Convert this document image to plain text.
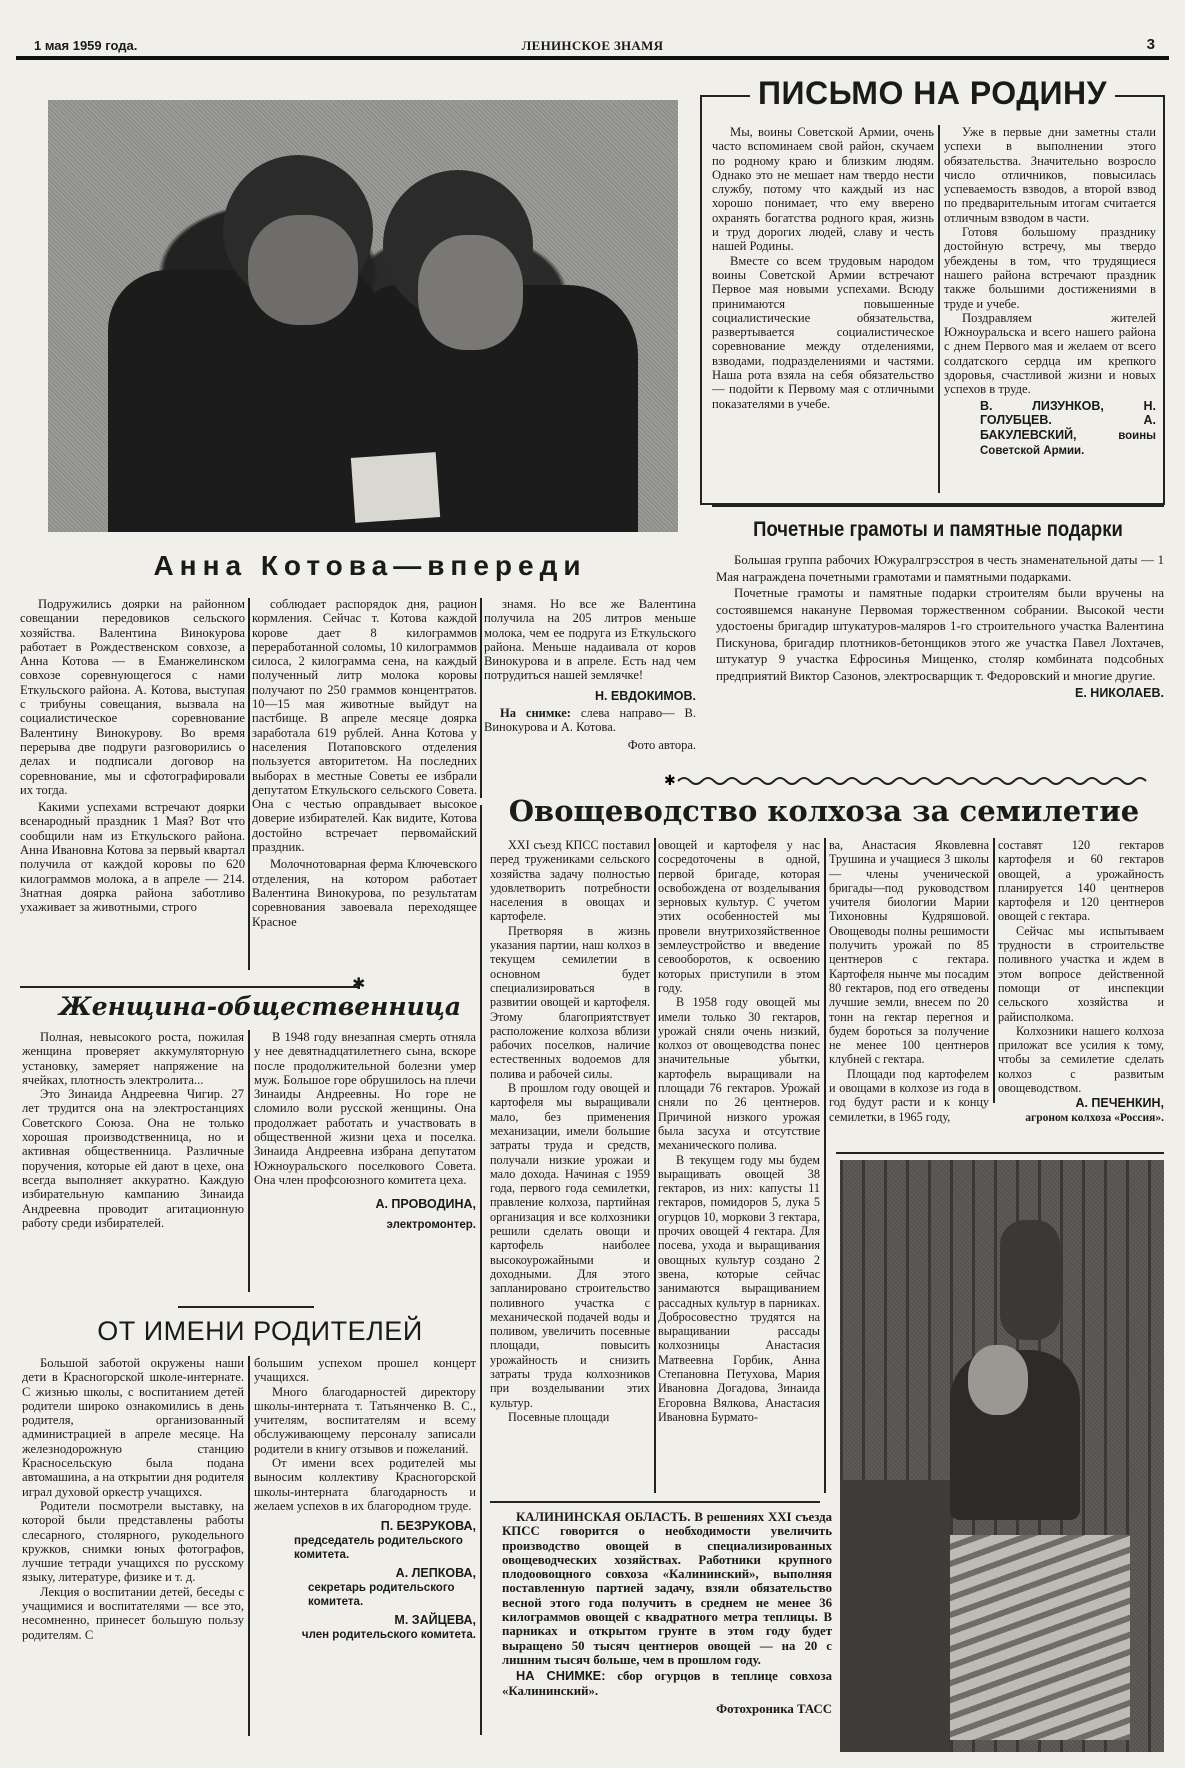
1 мая 1959 года.	ЛЕНИНСКОЕ ЗНАМЯ	3
Анна Котова—впереди

Подружились доярки на районном совещании передовиков сельского хозяйства. Валентина Винокурова работает в Рождественском совхозе, а Анна Котова — в Еманжелинском совхозе соревнующегося с нами Еткульского района. А. Котова, выступая с трибуны совещания, вызвала на социалистическое соревнование Валентину Винокурову. Во время перерыва две подруги разговорились о делах и подписали договор на соревнование, мы и сфотографировали их тогда.

Какими успехами встречают доярки всенародный праздник 1 Мая? Вот что сообщили нам из Еткульского района. Анна Ивановна Котова за первый квартал получила от каждой коровы по 620 килограммов молока, а в апреле — 214. Знатная доярка района заботливо ухаживает за животными, строго

соблюдает распорядок дня, рацион кормления. Сейчас т. Котова каждой корове дает 8 килограммов переработанной соломы, 10 килограммов силоса, 2 килограмма сена, на каждый полученный литр молока коровы получают по 250 граммов концентратов. 10—15 мая животные выйдут на пастбище. В апреле месяце доярка заработала 619 рублей. Анна Котова у населения Потаповского отделения пользуется авторитетом. На последних выборах в местные Советы ее избрали депутатом Еткульского сельского Совета. Она с честью оправдывает высокое доверие избирателей. Как видите, Котова достойно встречает первомайский праздник.

Молочнотоварная ферма Ключевского отделения, на котором работает Валентина Винокурова, по результатам соревнования завоевала переходящее Красное

знамя. Но все же Валентина получила на 205 литров меньше молока, чем ее подруга из Еткульского района. Меньше надаивала от коров Винокурова и в апреле. Есть над чем потрудиться нашей землячке!

Н. ЕВДОКИМОВ.
На снимке: слева направо— В. Винокурова и А. Котова.
Фото автора.
ПИСЬМО НА РОДИНУ

Мы, воины Советской Армии, очень часто вспоминаем свой район, скучаем по родному краю и близким людям. Однако это не мешает нам твердо нести службу, потому что каждый из нас хорошо понимает, что ему вверено охранять богатства родного края, жизнь и труд дорогих людей, славу и честь нашей Родины.

Вместе со всем трудовым народом воины Советской Армии встречают Первое мая новыми успехами. Всюду принимаются повышенные социалистические обязательства, развертывается социалистическое соревнование между отделениями, взводами, подразделениями и частями. Наша рота взяла на себя обязательство — подойти к Первому мая с отличными показателями в учебе.

Уже в первые дни заметны стали успехи в выполнении этого обязательства. Значительно возросло число отличников, повысилась успеваемость взводов, а второй взвод по предварительным итогам считается отличным взводом в части.

Готовя большому празднику достойную встречу, мы твердо убеждены в том, что трудящиеся нашего района встречают праздник также большими достижениями в труде и учебе.

Поздравляем жителей Южноуральска и всего нашего района с днем Первого мая и желаем от всего солдатского сердца им крепкого здоровья, счастливой жизни и новых успехов в труде.

В. ЛИЗУНКОВ, Н. ГОЛУБЦЕВ. А. БАКУЛЕВСКИЙ,	воины Советской Армии.
Почетные грамоты и памятные подарки

Большая группа рабочих Южуралгрэсстроя в честь знаменательной даты — 1 Мая награждена почетными грамотами и памятными подарками.

Почетные грамоты и памятные подарки строителям были вручены на состоявшемся накануне Первомая торжественном собрании. Высокой чести удостоены бригадир штукатуров-маляров 1-го строительного участка Валентина Пискунова, бригадир плотников-бетонщиков этого же участка Павел Лохтачев, штукатур 9 участка Ефросинья Мищенко, столяр комбината подсобных предприятий Виктор Сазонов, электросварщик т. Федоровский и многие другие.

Е. НИКОЛАЕВ.
✱
Женщина-общественница

Полная, невысокого роста, пожилая женщина проверяет аккумуляторную установку, замеряет напряжение на ячейках, плотность электролита...

Это Зинаида Андреевна Чигир. 27 лет трудится она на электростанциях Советского Союза. Она не только хорошая производственница, но и активная общественница. Различные поручения, которые ей дают в цехе, она всегда выполняет аккуратно. Каждую избирательную кампанию Зинаида Андреевна проводит агитационную работу среди избирателей.

В 1948 году внезапная смерть отняла у нее девятнадцатилетнего сына, вскоре после продолжительной болезни умер муж. Большое горе обрушилось на плечи Зинаиды Андреевны. Но горе не сломило воли русской женщины. Она продолжает работать и участвовать в общественной жизни цеха и поселка. Зинаида Андреевна избрана депутатом Южноуральского поселкового Совета. Она член профсоюзного комитета цеха.

А. ПРОВОДИНА,
электромонтер.
ОТ ИМЕНИ РОДИТЕЛЕЙ

Большой заботой окружены наши дети в Красногорской школе-интернате. С жизнью школы, с воспитанием детей родители широко ознакомились в день родителя, организованный администрацией в апреле месяце. На железнодорожную станцию Красносельскую была подана автомашина, а на открытии дня родителя играл духовой оркестр учащихся.

Родители посмотрели выставку, на которой были представлены работы слесарного, столярного, рукодельного кружков, снимки юных фотографов, лучшие тетради учащихся по русскому языку, литературе, физике и т. д.

Лекция о воспитании детей, беседы с учащимися и воспитателями — все это, несомненно, принесет большую пользу родителям. С

большим успехом прошел концерт учащихся.

Много благодарностей директору школы-интерната т. Татьянченко В. С., учителям, воспитателям и всему обслуживающему персоналу записали родители в книгу отзывов и пожеланий.

От имени всех родителей мы выносим коллективу Красногорской школы-интерната благодарность и желаем успехов в их благородном труде.

П. БЕЗРУКОВА,
председатель родительского комитета.
А. ЛЕПКОВА,
секретарь родительского комитета.
М. ЗАЙЦЕВА,
член родительского комитета.
✱
Овощеводство колхоза за семилетие

XXI съезд КПСС поставил перед тружениками сельского хозяйства задачу полностью удовлетворить потребности населения в овощах и картофеле.

Претворяя в жизнь указания партии, наш колхоз в текущем семилетии в основном будет специализироваться в развитии овощей и картофеля. Этому благоприятствует расположение колхоза вблизи рабочих поселков, наличие естественных водоемов для полива и рабочей силы.

В прошлом году овощей и картофеля мы выращивали мало, без применения механизации, имели большие затраты труда и средств, получали низкие урожаи и мало дохода. Начиная с 1959 года, первого года семилетки, правление колхоза, партийная организация и все колхозники решили сделать овощи и картофель наиболее высокоурожайными и доходными. Для этого запланировано строительство поливного участка с механической подачей воды и поливом, увеличить посевные площади, повысить урожайность и снизить затраты труда колхозников при возделывании этих культур.

Посевные площади

овощей и картофеля у нас сосредоточены в одной, первой бригаде, которая освобождена от возделывания зерновых культур. С учетом этих особенностей мы провели внутрихозяйственное землеустройство и введение севооборотов, к освоению которых приступили в этом году.

В 1958 году овощей мы имели только 30 гектаров, урожай сняли очень низкий, колхоз от овощеводства понес значительные убытки, картофель выращивали на площади 76 гектаров. Урожай сняли по 26 центнеров. Причиной низкого урожая была засуха и отсутствие механического полива.

В текущем году мы будем выращивать овощей 38 гектаров, из них: капусты 11 гектаров, помидоров 5, лука 5 огурцов 10, моркови 3 гектара, прочих овощей 4 гектара. Для посева, ухода и выращивания овощных культур создано 2 звена, которые сейчас занимаются выращиванием рассадных культур в парниках. Добросовестно трудятся на выращивании рассады колхозницы Анастасия Матвеевна Горбик, Анна Степановна Петухова, Мария Ивановна Догадова, Зинаида Егоровна Вялкова, Анастасия Ивановна Бурмато-

ва, Анастасия Яковлевна Трушина и учащиеся 3 школы — члены ученической бригады—под руководством учителя биологии Марии Тихоновны Кудряшовой. Овощеводы полны решимости получить урожай по 85 центнеров с гектара. Картофеля нынче мы посадим 80 гектаров, под его отведены лучшие земли, внесем по 20 тонн на гектар перегноя и будем бороться за получение не менее 100 центнеров клубней с гектара.

Площади под картофелем и овощами в колхозе из года в год будут расти и к концу семилетки, в 1965 году,

составят 120 гектаров картофеля и 60 гектаров овощей, а урожайность планируется 140 центнеров картофеля и 120 центнеров овощей с гектара.

Сейчас мы испытываем трудности в строительстве поливного участка и ждем в этом вопросе действенной помощи от инспекции сельского хозяйства и райисполкома.

Колхозники нашего колхоза приложат все усилия к тому, чтобы за семилетие сделать колхоз с развитым овощеводством.

А. ПЕЧЕНКИН,
агроном колхоза «Россия».
КАЛИНИНСКАЯ ОБЛАСТЬ. В решениях XXI съезда КПСС говорится о необходимости увеличить производство овощей в специализированных овощеводческих хозяйствах. Работники крупного плодоовощного совхоза «Калининский», выполняя поставленную партией задачу, взяли обязательство весной этого года получить в среднем не менее 36 килограммов овощей с квадратного метра теплицы. В парниках и открытом грунте в этом году будет выращено 50 тысяч центнеров овощей — на 20 с лишним тысяч больше, чем в прошлом году.
НА СНИМКЕ: сбор огурцов в теплице совхоза «Калининский».
Фотохроника ТАСС
